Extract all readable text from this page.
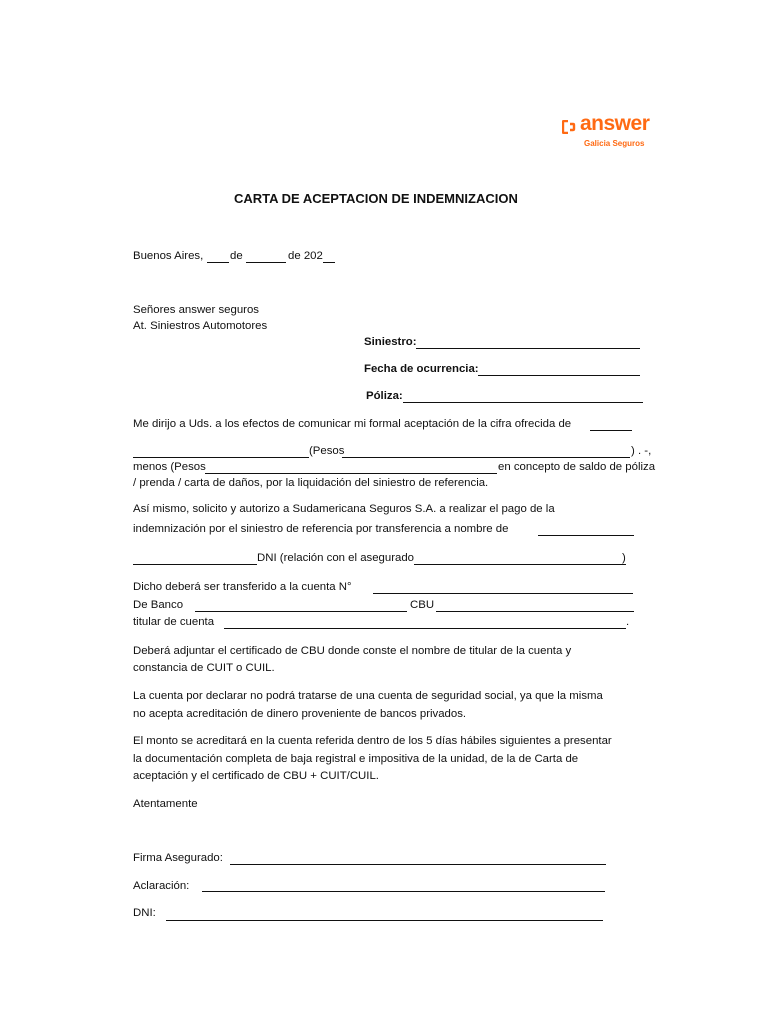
answer
Galicia Seguros
CARTA DE ACEPTACION DE INDEMNIZACION
Buenos Aires, de	de 202
Señores answer seguros
At. Siniestros Automotores
Siniestro:
Fecha de ocurrencia:
Póliza:
Me dirijo a Uds. a los efectos de comunicar mi formal aceptación de la cifra ofrecida de
(Pesos	) . -,
menos (Pesos	en concepto de saldo de póliza
/ prenda / carta de daños, por la liquidación del siniestro de referencia.
Así mismo, solicito y autorizo a Sudamericana Seguros S.A. a realizar el pago de la
indemnización por el siniestro de referencia por transferencia a nombre de
DNI (relación con el asegurado	)
Dicho deberá ser transferido a la cuenta N°
De Banco	CBU
titular de cuenta	.
Deberá adjuntar el certificado de CBU donde conste el nombre de titular de la cuenta y
constancia de CUIT o CUIL.
La cuenta por declarar no podrá tratarse de una cuenta de seguridad social, ya que la misma
no acepta acreditación de dinero proveniente de bancos privados.
El monto se acreditará en la cuenta referida dentro de los 5 días hábiles siguientes a presentar
la documentación completa de baja registral e impositiva de la unidad, de la de Carta de
aceptación y el certificado de CBU + CUIT/CUIL.
Atentamente
Firma Asegurado:
Aclaración:
DNI:
